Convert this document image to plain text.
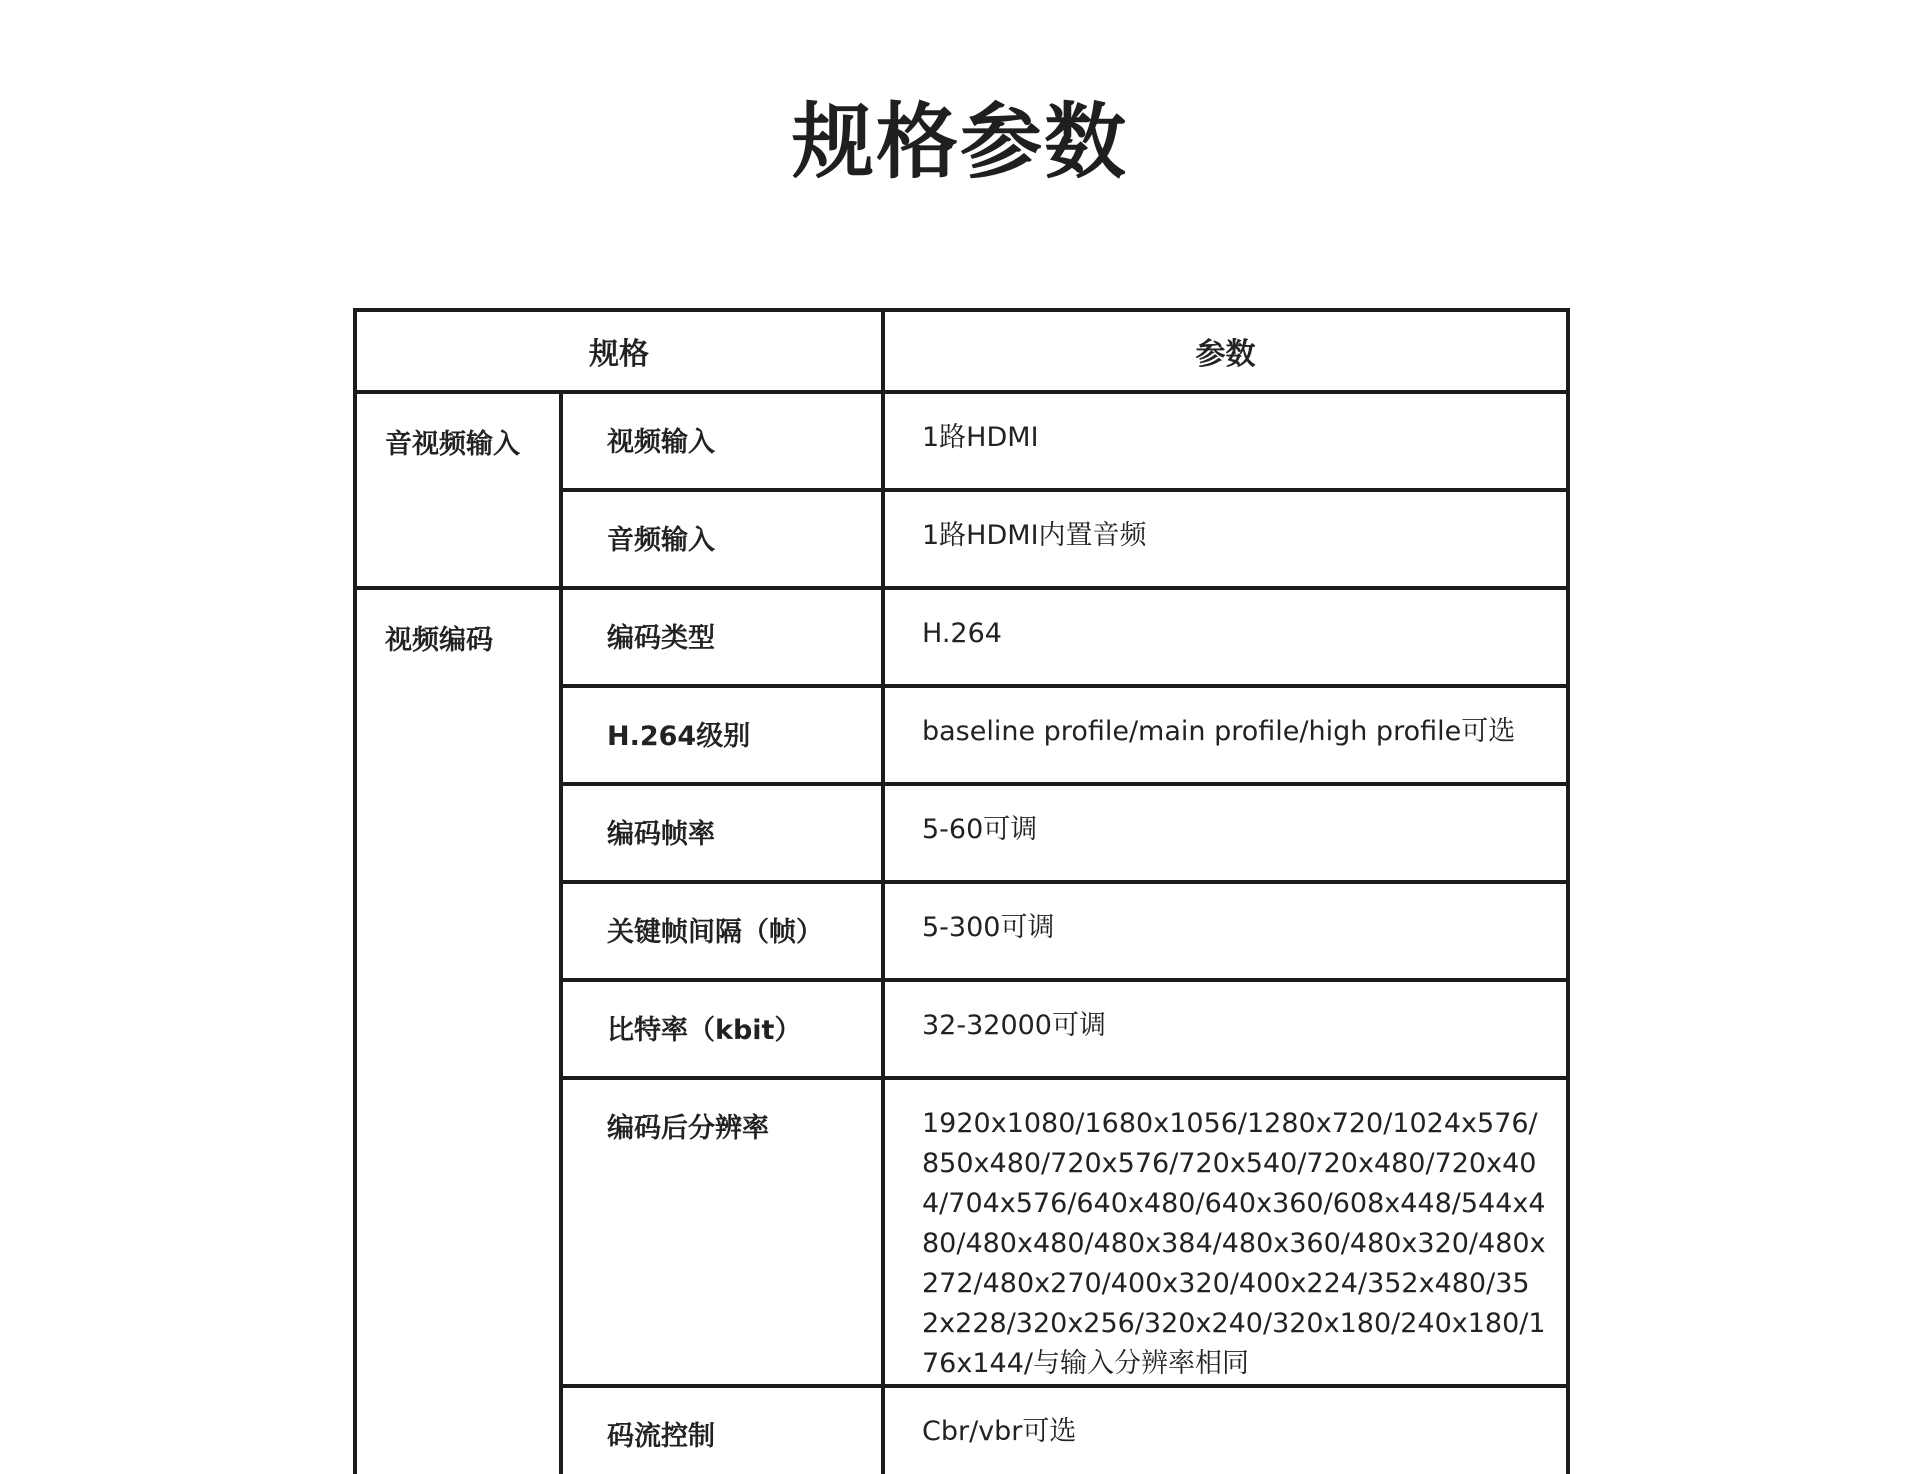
规格参数
规格		参数
音视频输入	视频输入	1路HDMI
	音频输入	1路HDMI内置音频
视频编码	编码类型	H.264
	H.264级别	baseline profile/main profile/high profile可选
	编码帧率	5-60可调
	关键帧间隔（帧）	5-300可调
	比特率（kbit）	32-32000可调
	编码后分辨率	1920x1080/1680x1056/1280x720/1024x576/850x480/720x576/720x540/720x480/720x404/704x576/640x480/640x360/608x448/544x480/480x480/480x384/480x360/480x320/480x272/480x270/400x320/400x224/352x480/352x228/320x256/320x240/320x180/240x180/176x144/与输入分辨率相同
	码流控制	Cbr/vbr可选
